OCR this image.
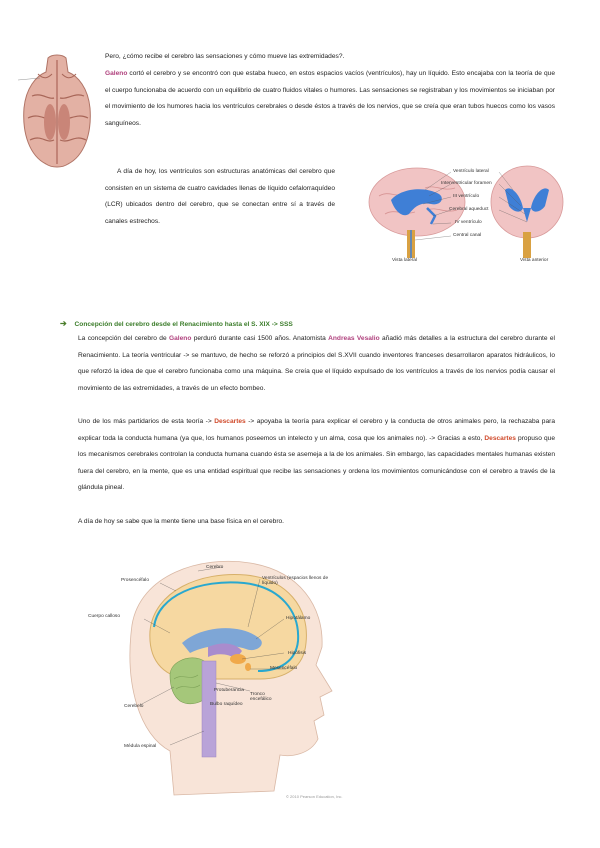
Pero, ¿cómo recibe el cerebro las sensaciones y cómo mueve las extremidades?.

Galeno cortó el cerebro y se encontró con que estaba hueco, en estos espacios vacíos (ventrículos), hay un líquido. Esto encajaba con la teoría de que el cuerpo funcionaba de acuerdo con un equilibrio de cuatro fluidos vitales o humores. Las sensaciones se registraban y los movimientos se iniciaban por el movimiento de los humores hacia los ventrículos cerebrales o desde éstos a través de los nervios, que se creía que eran tubos huecos como los vasos sanguíneos.

A día de hoy, los ventrículos son estructuras anatómicas del cerebro que consisten en un sistema de cuatro cavidades llenas de líquido cefalorraquídeo (LCR) ubicados dentro del cerebro, que se conectan entre sí a través de canales estrechos.

Ventrículo lateral
Interventricular foramen
III ventrículo
Cerebral aqueduct
IV ventrículo
Central canal
Vista lateral	Vista anterior
➔ Concepción del cerebro desde el Renacimiento hasta el S. XIX -> SSS

La concepción del cerebro de Galeno perduró durante casi 1500 años. Anatomista Andreas Vesalio añadió más detalles a la estructura del cerebro durante el Renacimiento. La teoría ventricular -> se mantuvo, de hecho se reforzó a principios del S.XVII cuando inventores franceses desarrollaron aparatos hidráulicos, lo que reforzó la idea de que el cerebro funcionaba como una máquina. Se creía que el líquido expulsado de los ventrículos a través de los nervios podía causar el movimiento de las extremidades, a través de un efecto bombeo.

Uno de los más partidarios de esta teoría -> Descartes -> apoyaba la teoría para explicar el cerebro y la conducta de otros animales pero, la rechazaba para explicar toda la conducta humana (ya que, los humanos poseemos un intelecto y un alma, cosa que los animales no). -> Gracias a esto, Descartes propuso que los mecanismos cerebrales controlan la conducta humana cuando ésta se asemeja a la de los animales. Sin embargo, las capacidades mentales humanas existen fuera del cerebro, en la mente, que es una entidad espiritual que recibe las sensaciones y ordena los movimientos comunicándose con el cerebro a través de la glándula pineal.

A día de hoy se sabe que la mente tiene una base física en el cerebro.

Cerebro
Prosencéfalo	Ventrículos (espacios llenos de líquido)
Cuerpo calloso	Hipotálamo
Hipófisis
Mesencéfalo
Cerebelo
Protuberancia
Tronco encefálico
Bulbo raquídeo
Médula espinal
© 2010 Pearson Education, Inc.
